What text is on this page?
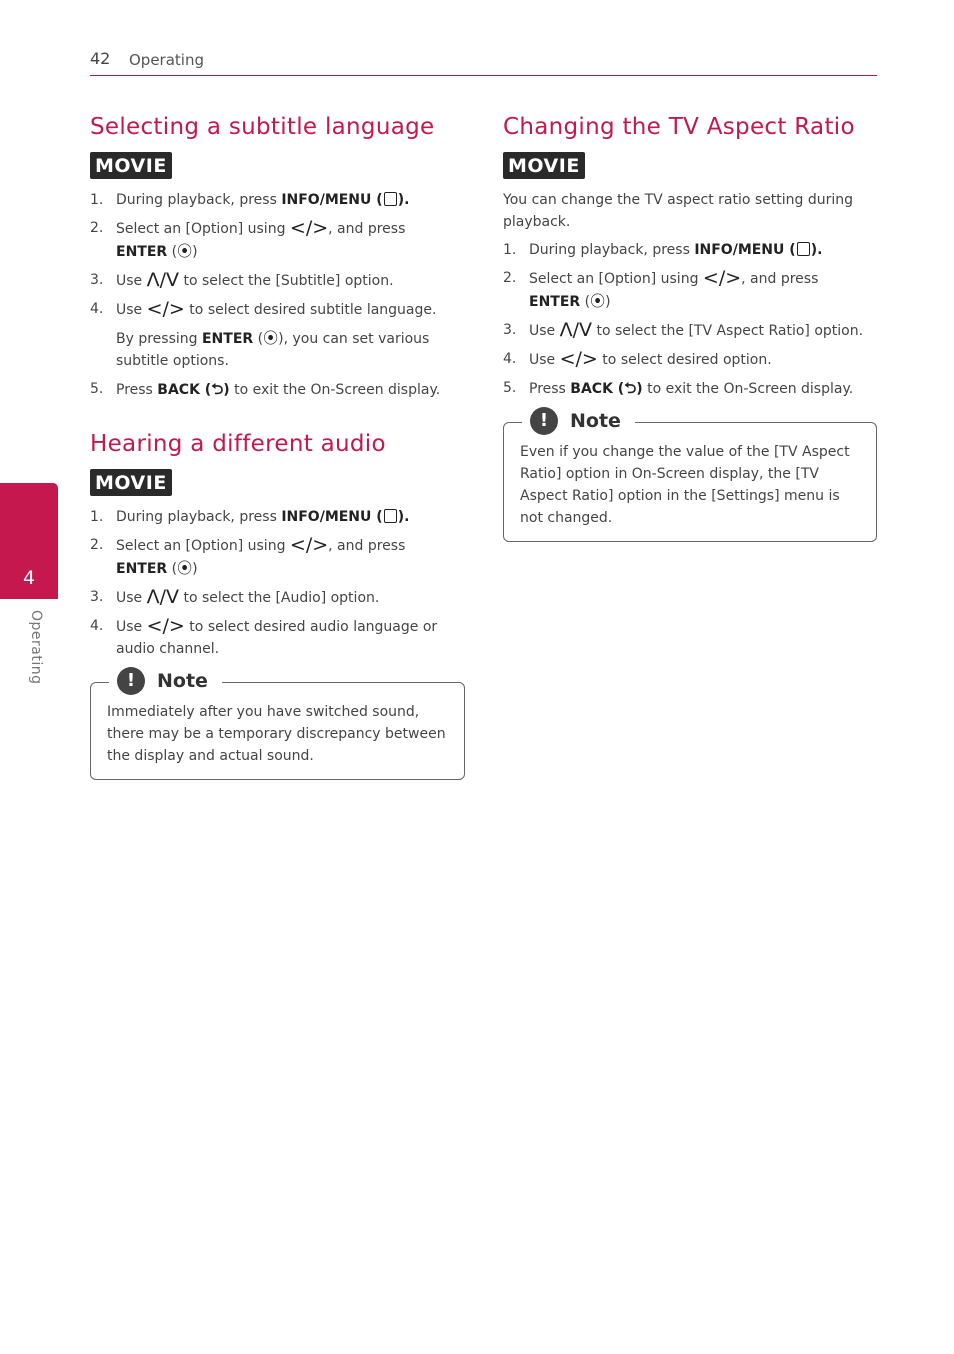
42 Operating
4
Operating
Selecting a subtitle language
MOVIE
1. During playback, press INFO/MENU ( ).
2. Select an [Option] using </>, and press
ENTER (⦿)
3. Use Λ/V to select the [Subtitle] option.
4. Use </> to select desired subtitle language.
By pressing ENTER (⦿), you can set various subtitle options.
5. Press BACK (⮌) to exit the On-Screen display.
Hearing a different audio
MOVIE
1. During playback, press INFO/MENU ( ).
2. Select an [Option] using </>, and press
ENTER (⦿)
3. Use Λ/V to select the [Audio] option.
4. Use </> to select desired audio language or audio channel.
!	Note
Immediately after you have switched sound, there may be a temporary discrepancy between the display and actual sound.
Changing the TV Aspect Ratio
MOVIE

You can change the TV aspect ratio setting during playback.

1. During playback, press INFO/MENU ( ).
2. Select an [Option] using </>, and press
ENTER (⦿)
3. Use Λ/V to select the [TV Aspect Ratio] option.
4. Use </> to select desired option.
5. Press BACK (⮌) to exit the On-Screen display.
!	Note
Even if you change the value of the [TV Aspect Ratio] option in On-Screen display, the [TV Aspect Ratio] option in the [Settings] menu is not changed.
